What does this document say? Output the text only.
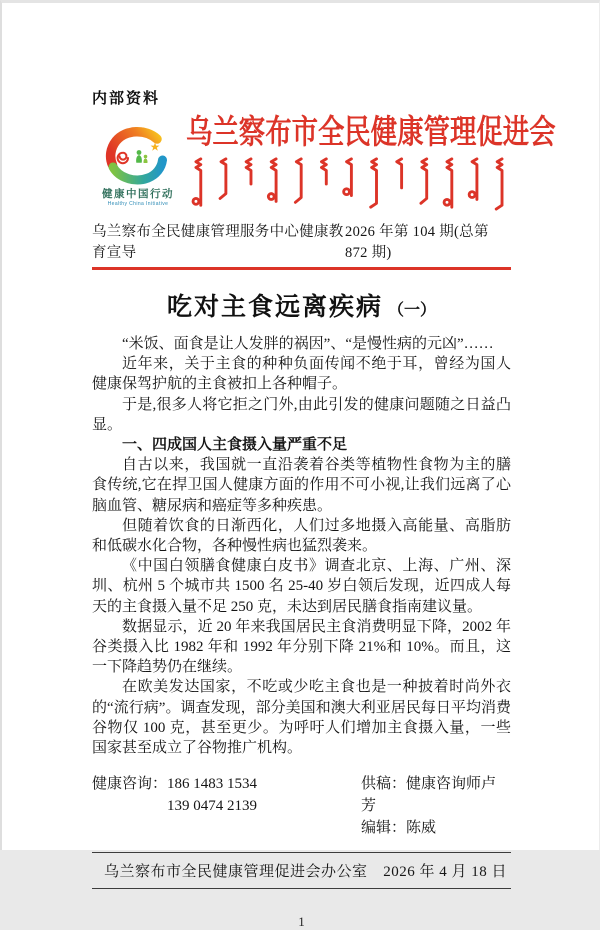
内部资料
健康中国行动
Healthy China Initiative
乌兰察布市全民健康管理促进会
乌兰察布全民健康管理服务中心健康教育宣导
2026 年第 104 期(总第 872 期)
吃对主食远离疾病 （一）

“米饭、面食是让人发胖的祸因”、“是慢性病的元凶”……

近年来，关于主食的种种负面传闻不绝于耳，曾经为国人健康保驾护航的主食被扣上各种帽子。

于是,很多人将它拒之门外,由此引发的健康问题随之日益凸显。

一、四成国人主食摄入量严重不足

自古以来，我国就一直沿袭着谷类等植物性食物为主的膳食传统,它在捍卫国人健康方面的作用不可小视,让我们远离了心脑血管、糖尿病和癌症等多种疾患。

但随着饮食的日渐西化，人们过多地摄入高能量、高脂肪和低碳水化合物，各种慢性病也猛烈袭来。

《中国白领膳食健康白皮书》调查北京、上海、广州、深圳、杭州 5 个城市共 1500 名 25-40 岁白领后发现，近四成人每天的主食摄入量不足 250 克，未达到居民膳食指南建议量。

数据显示，近 20 年来我国居民主食消费明显下降，2002 年谷类摄入比 1982 年和 1992 年分别下降 21%和 10%。而且，这一下降趋势仍在继续。

在欧美发达国家，不吃或少吃主食也是一种披着时尚外衣的“流行病”。调查发现，部分美国和澳大利亚居民每日平均消费谷物仅 100 克，甚至更少。为呼吁人们增加主食摄入量，一些国家甚至成立了谷物推广机构。

健康咨询： 186 1483 1534
139 0474 2139
供稿：健康咨询师卢芳
编辑：陈威
乌兰察布市全民健康管理促进会办公室 2026 年 4 月 18 日
1
